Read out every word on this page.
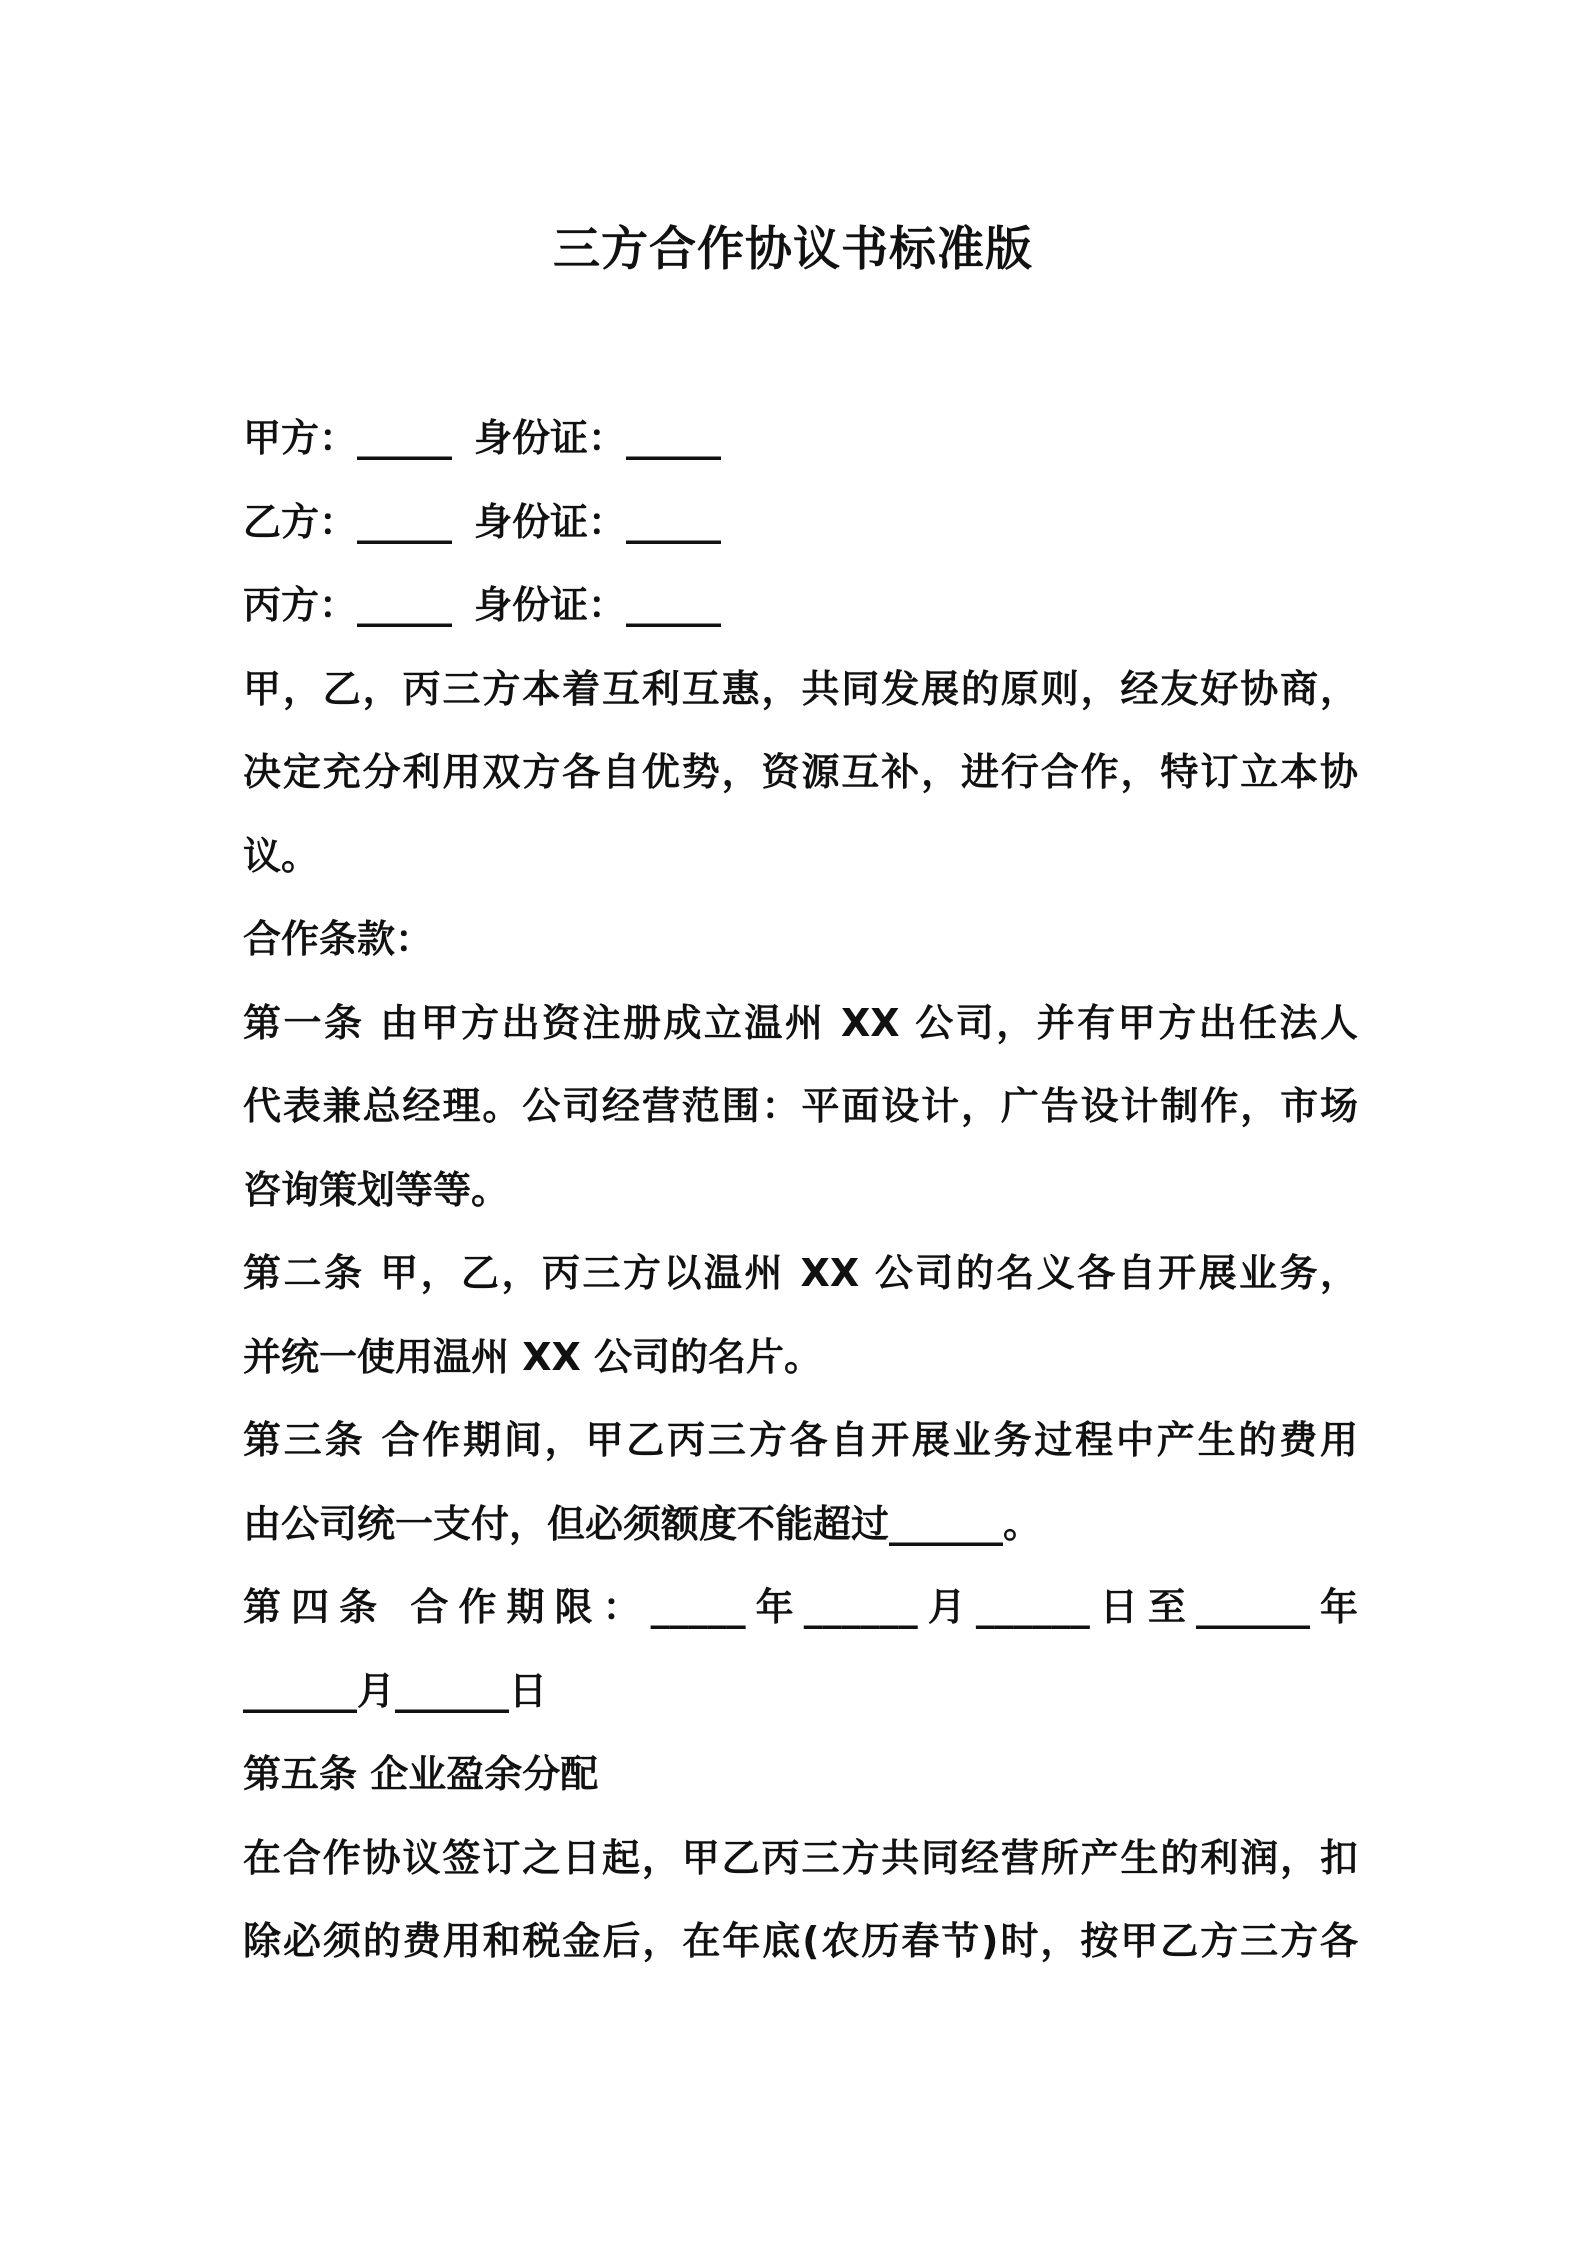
三方合作协议书标准版
甲方：_____ 身份证：_____
乙方：_____ 身份证：_____
丙方：_____ 身份证：_____
甲，乙，丙三方本着互利互惠，共同发展的原则，经友好协商，
决定充分利用双方各自优势，资源互补，进行合作，特订立本协
议。
合作条款：
第一条 由甲方出资注册成立温州 XX 公司，并有甲方出任法人
代表兼总经理。公司经营范围：平面设计，广告设计制作，市场
咨询策划等等。
第二条 甲，乙，丙三方以温州 XX 公司的名义各自开展业务，
并统一使用温州 XX 公司的名片。
第三条 合作期间，甲乙丙三方各自开展业务过程中产生的费用
由公司统一支付，但必须额度不能超过______。
第四条 合作期限：_____年______月______日至______年
______月______日
第五条 企业盈余分配
在合作协议签订之日起，甲乙丙三方共同经营所产生的利润，扣
除必须的费用和税金后，在年底(农历春节)时，按甲乙方三方各
